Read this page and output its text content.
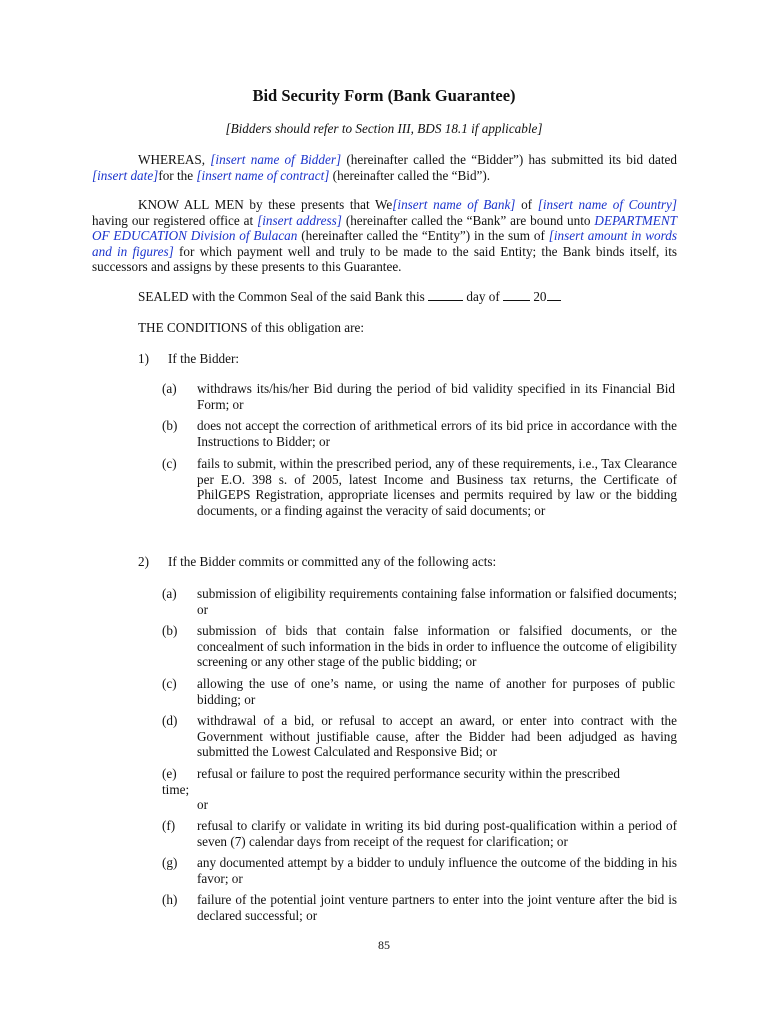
Bid Security Form (Bank Guarantee)
[Bidders should refer to Section III, BDS 18.1 if applicable]

WHEREAS, [insert name of Bidder] (hereinafter called the “Bidder”) has submitted its bid dated [insert date]for the [insert name of contract] (hereinafter called the “Bid”).

KNOW ALL MEN by these presents that We[insert name of Bank] of [insert name of Country] having our registered office at [insert address] (hereinafter called the “Bank” are bound unto DEPARTMENT OF EDUCATION Division of Bulacan (hereinafter called the “Entity”) in the sum of [insert amount in words and in figures] for which payment well and truly to be made to the said Entity; the Bank binds itself, its successors and assigns by these presents to this Guarantee.

SEALED with the Common Seal of the said Bank this	day of  20

THE CONDITIONS of this obligation are:

1) If the Bidder:
(a) withdraws its/his/her Bid during the period of bid validity specified in its Financial Bid Form; or
(b) does not accept the correction of arithmetical errors of its bid price in accordance with the Instructions to Bidder; or
(c) fails to submit, within the prescribed period, any of these requirements, i.e., Tax Clearance per E.O. 398 s. of 2005, latest Income and Business tax returns, the Certificate of PhilGEPS Registration, appropriate licenses and permits required by law or the bidding documents, or a finding against the veracity of said documents; or
2) If the Bidder commits or committed any of the following acts:
(a) submission of eligibility requirements containing false information or falsified documents; or
(b) submission of bids that contain false information or falsified documents, or the concealment of such information in the bids in order to influence the outcome of eligibility screening or any other stage of the public bidding; or
(c) allowing the use of one’s name, or using the name of another for purposes of public bidding; or
(d) withdrawal of a bid, or refusal to accept an award, or enter into contract with the Government without justifiable cause, after the Bidder had been adjudged as having submitted the Lowest Calculated and Responsive Bid; or
(e) refusal or failure to post the required performance security within the prescribed
time;
or
(f) refusal to clarify or validate in writing its bid during post-qualification within a period of seven (7) calendar days from receipt of the request for clarification; or
(g) any documented attempt by a bidder to unduly influence the outcome of the bidding in his favor; or
(h) failure of the potential joint venture partners to enter into the joint venture after the bid is declared successful; or
85
